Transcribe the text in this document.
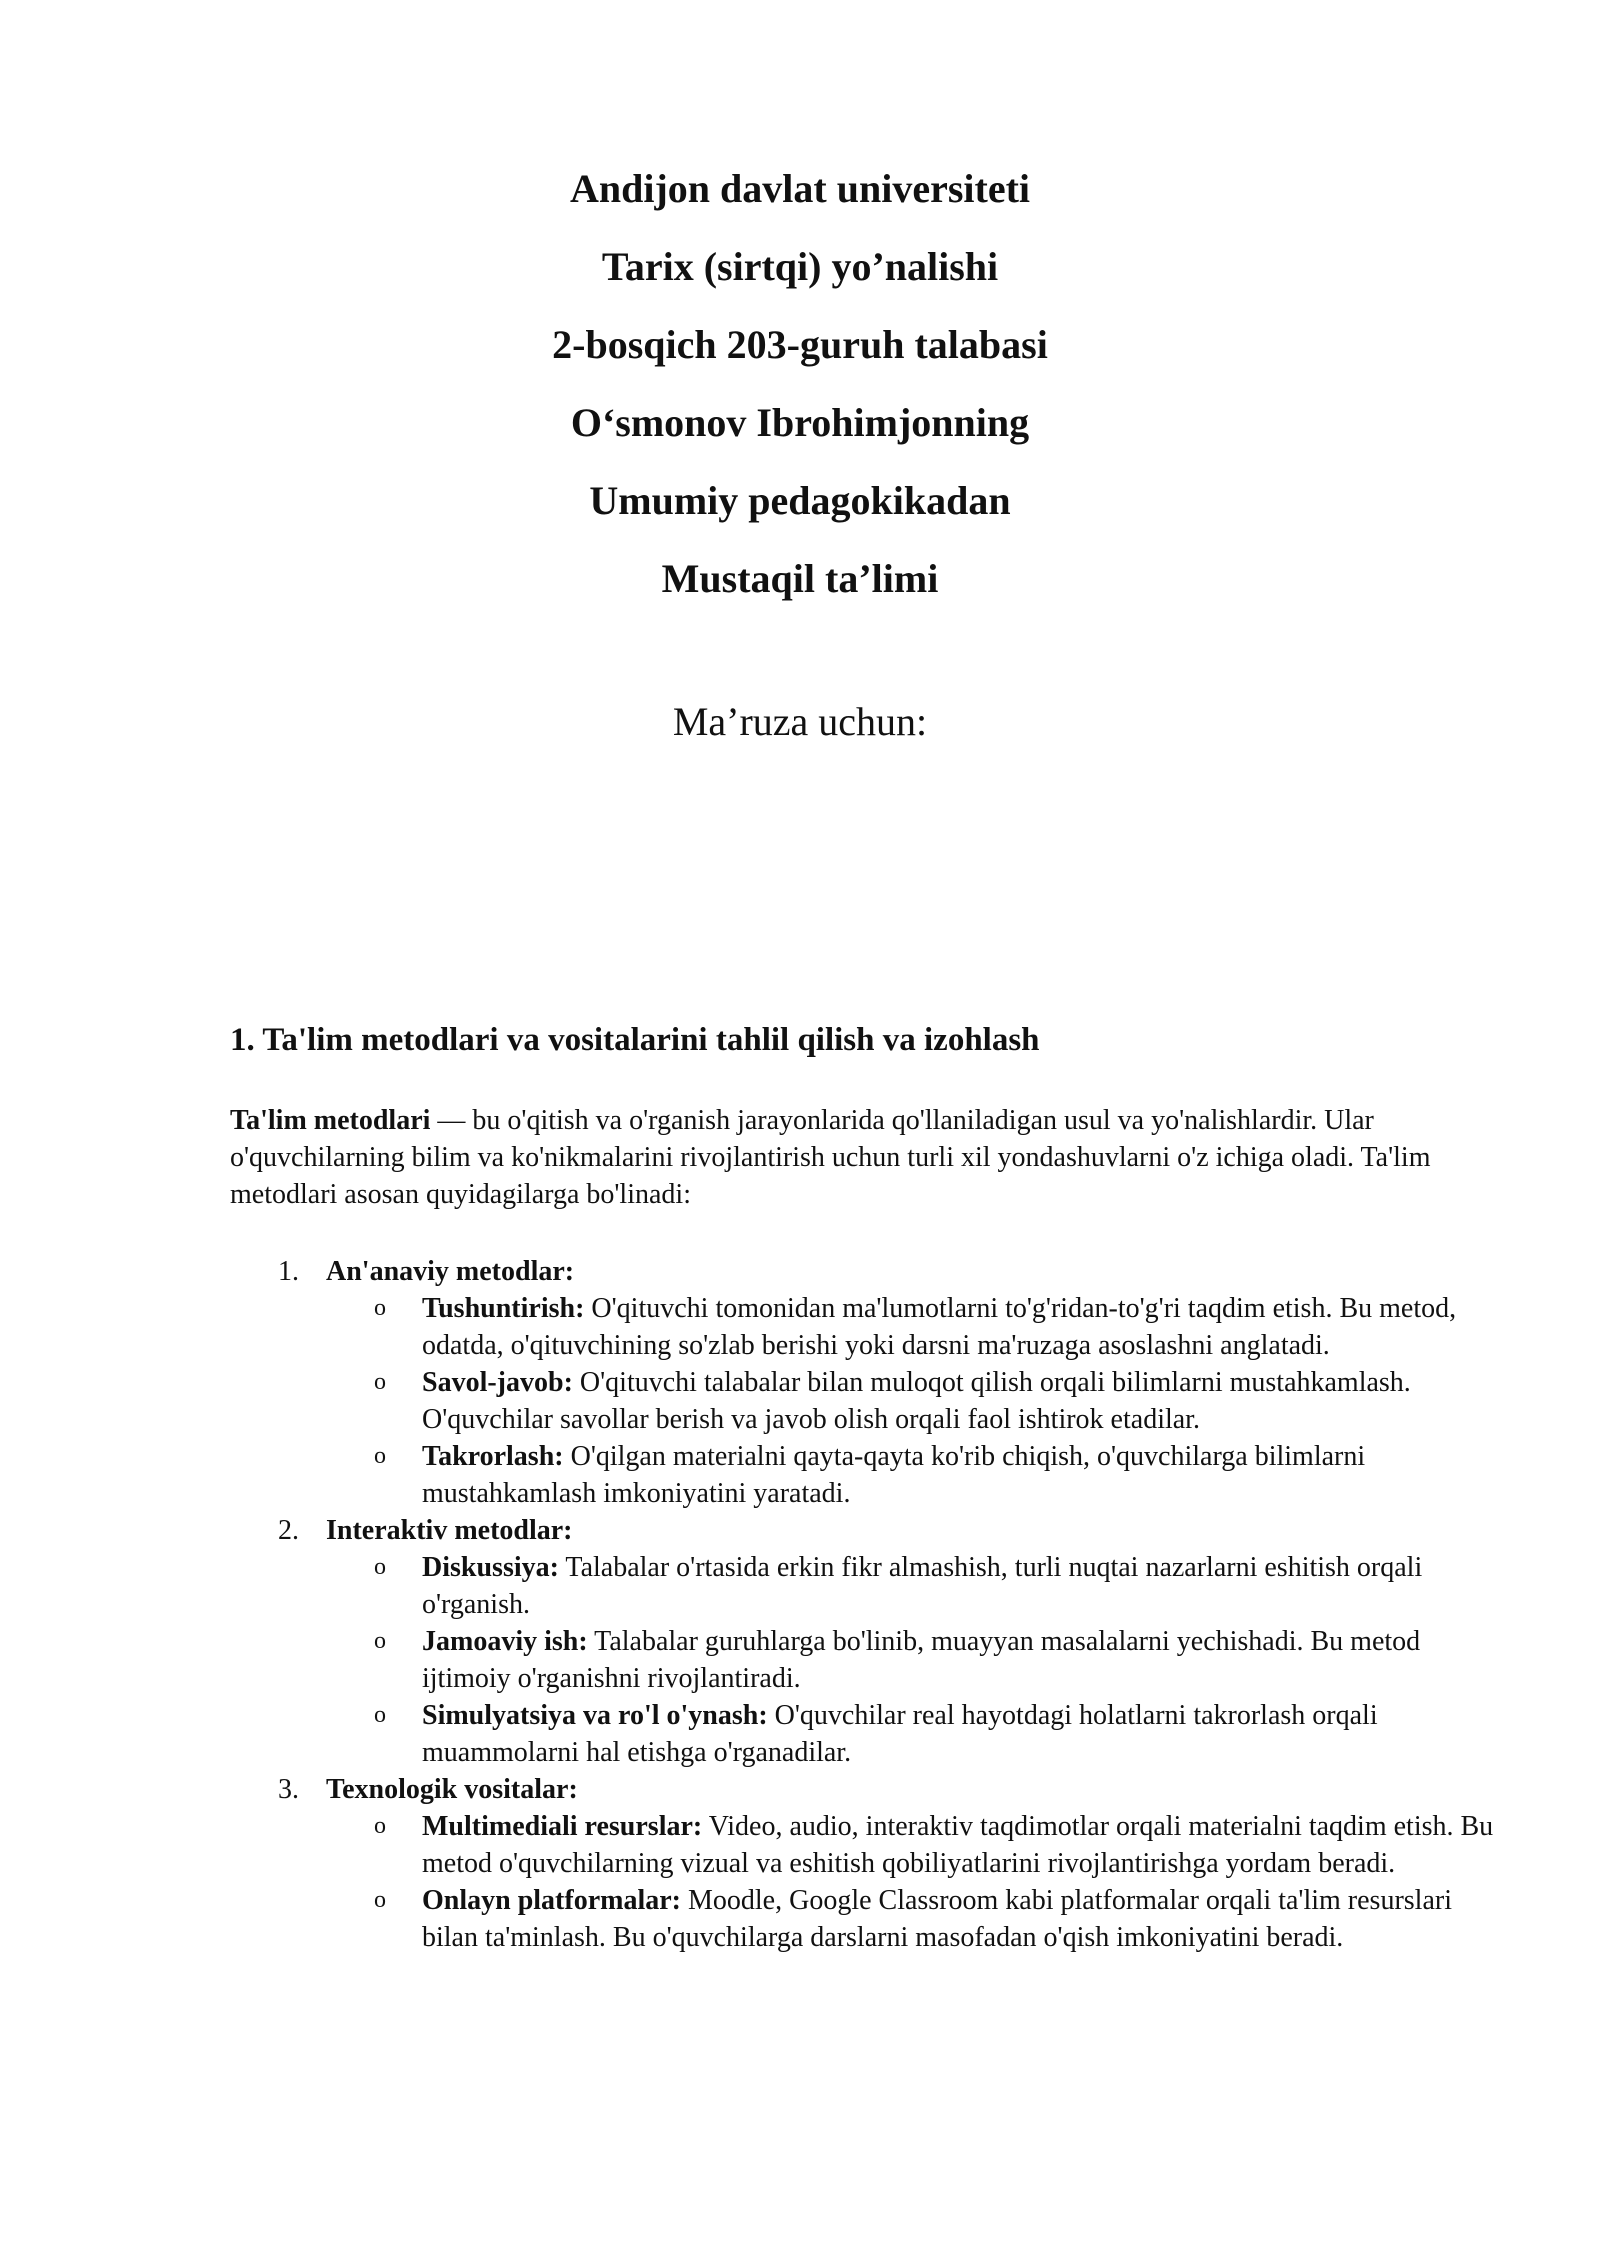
Andijon davlat universiteti

Tarix (sirtqi) yo’nalishi

2-bosqich 203-guruh talabasi

O‘smonov Ibrohimjonning

Umumiy pedagokikadan

Mustaqil ta’limi

Ma’ruza uchun:

1. Ta'lim metodlari va vositalarini tahlil qilish va izohlash

Ta'lim metodlari — bu o'qitish va o'rganish jarayonlarida qo'llaniladigan usul va yo'nalishlardir. Ular o'quvchilarning bilim va ko'nikmalarini rivojlantirish uchun turli xil yondashuvlarni o'z ichiga oladi. Ta'lim metodlari asosan quyidagilarga bo'linadi:

1. An'anaviy metodlar:
o Tushuntirish: O'qituvchi tomonidan ma'lumotlarni to'g'ridan-to'g'ri taqdim etish. Bu metod, odatda, o'qituvchining so'zlab berishi yoki darsni ma'ruzaga asoslashni anglatadi.
o Savol-javob: O'qituvchi talabalar bilan muloqot qilish orqali bilimlarni mustahkamlash. O'quvchilar savollar berish va javob olish orqali faol ishtirok etadilar.
o Takrorlash: O'qilgan materialni qayta-qayta ko'rib chiqish, o'quvchilarga bilimlarni mustahkamlash imkoniyatini yaratadi.
2. Interaktiv metodlar:
o Diskussiya: Talabalar o'rtasida erkin fikr almashish, turli nuqtai nazarlarni eshitish orqali o'rganish.
o Jamoaviy ish: Talabalar guruhlarga bo'linib, muayyan masalalarni yechishadi. Bu metod ijtimoiy o'rganishni rivojlantiradi.
o Simulyatsiya va ro'l o'ynash: O'quvchilar real hayotdagi holatlarni takrorlash orqali muammolarni hal etishga o'rganadilar.
3. Texnologik vositalar:
o Multimediali resurslar: Video, audio, interaktiv taqdimotlar orqali materialni taqdim etish. Bu metod o'quvchilarning vizual va eshitish qobiliyatlarini rivojlantirishga yordam beradi.
o Onlayn platformalar: Moodle, Google Classroom kabi platformalar orqali ta'lim resurslari bilan ta'minlash. Bu o'quvchilarga darslarni masofadan o'qish imkoniyatini beradi.
